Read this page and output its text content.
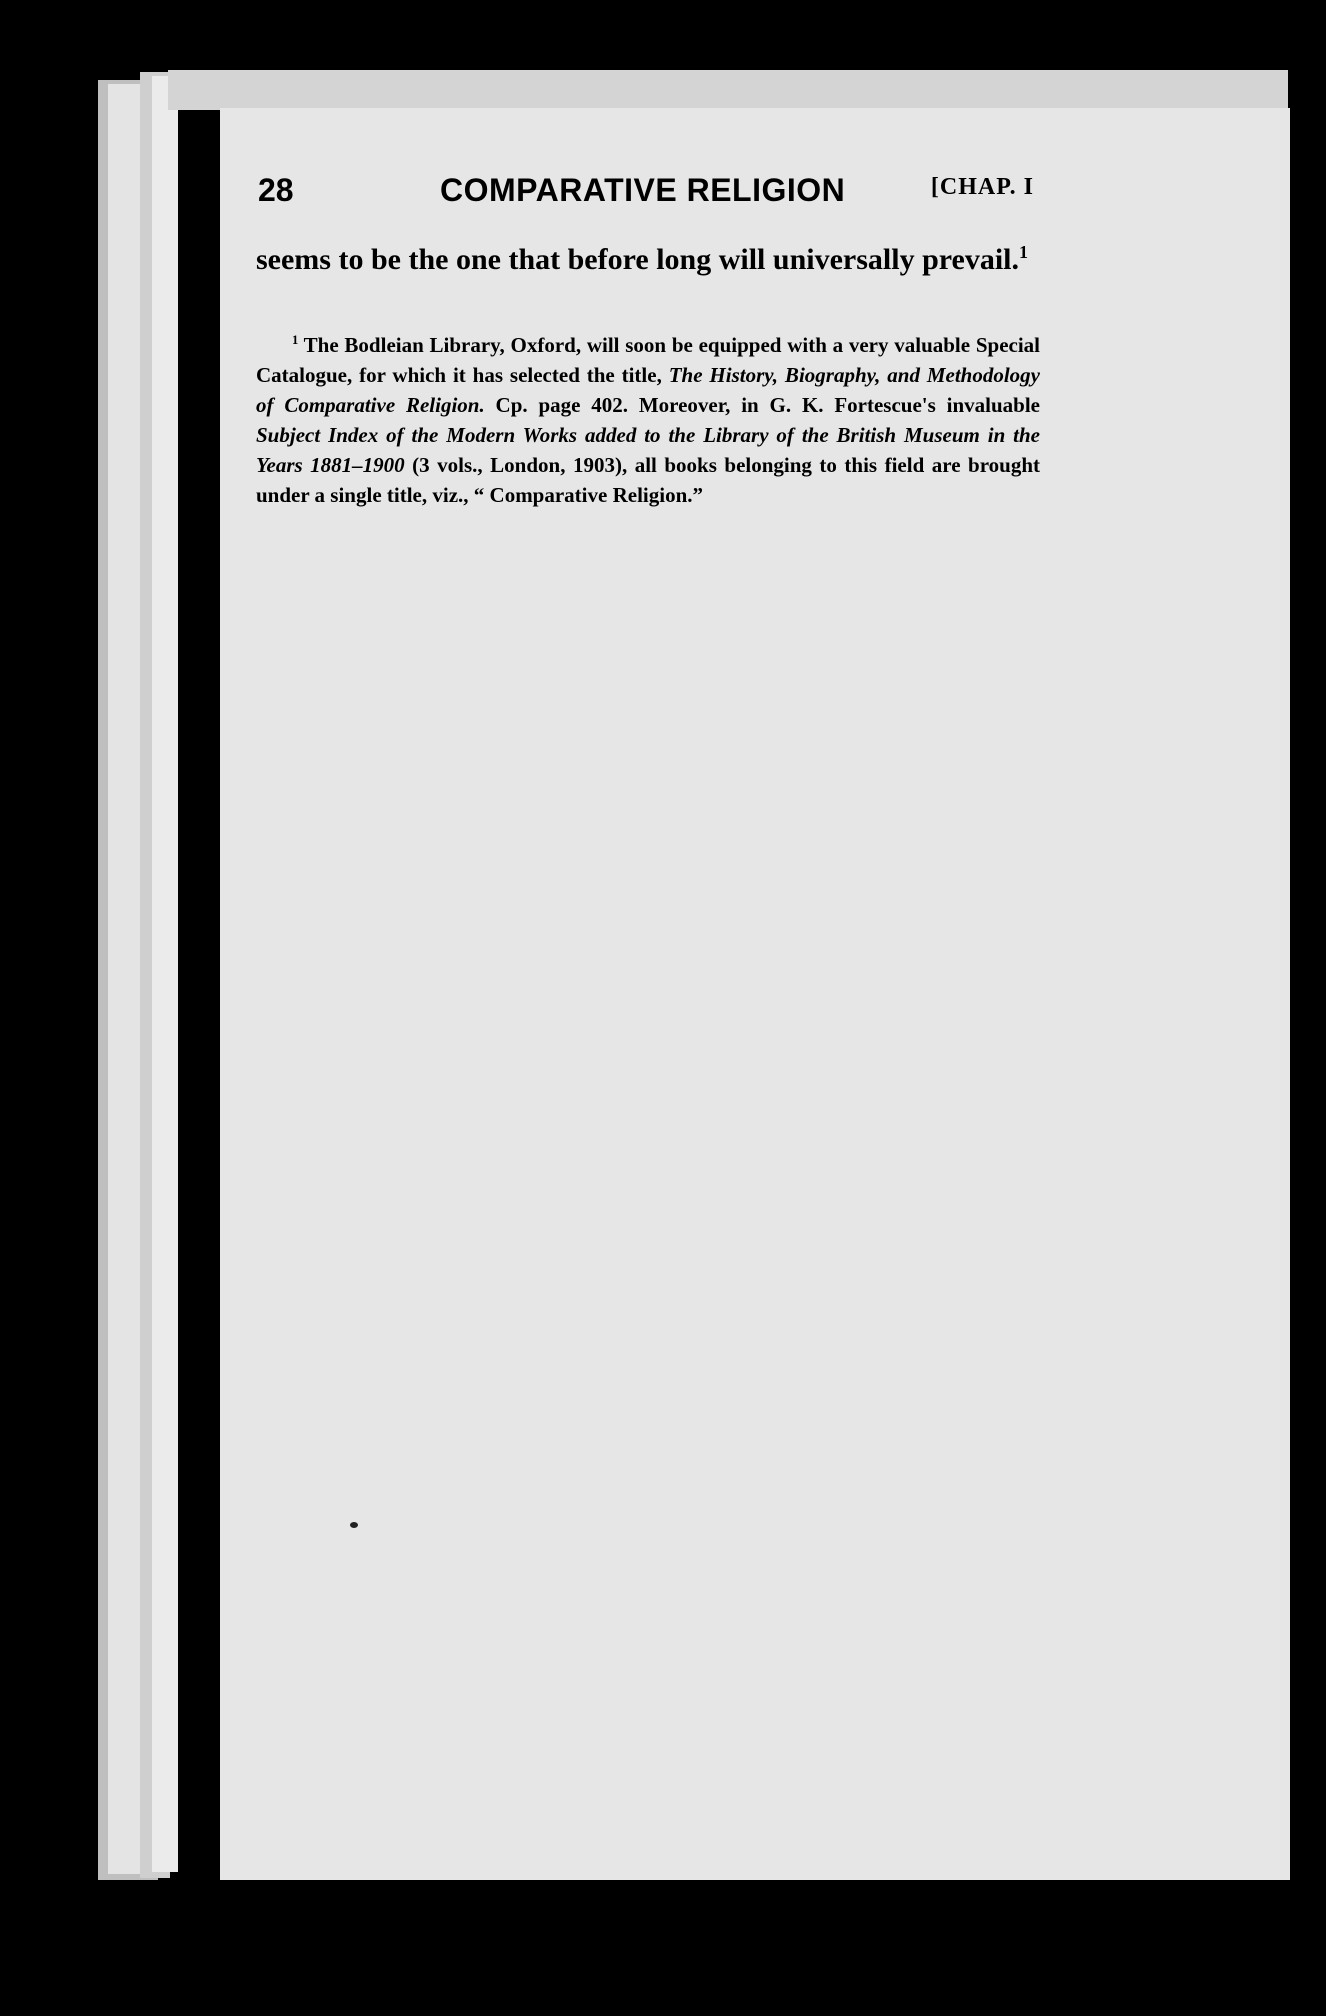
28	COMPARATIVE RELIGION	[CHAP. I
seems to be the one that before long will universally prevail.$^1$
$^1$ The Bodleian Library, Oxford, will soon be equipped with a very valuable Special Catalogue, for which it has selected the title, The History, Biography, and Methodology of Comparative Religion. Cp. page 402. Moreover, in G. K. Fortescue's invaluable Subject Index of the Modern Works added to the Library of the British Museum in the Years 1881–1900 (3 vols., London, 1903), all books belonging to this field are brought under a single title, viz., “ Comparative Religion.”
